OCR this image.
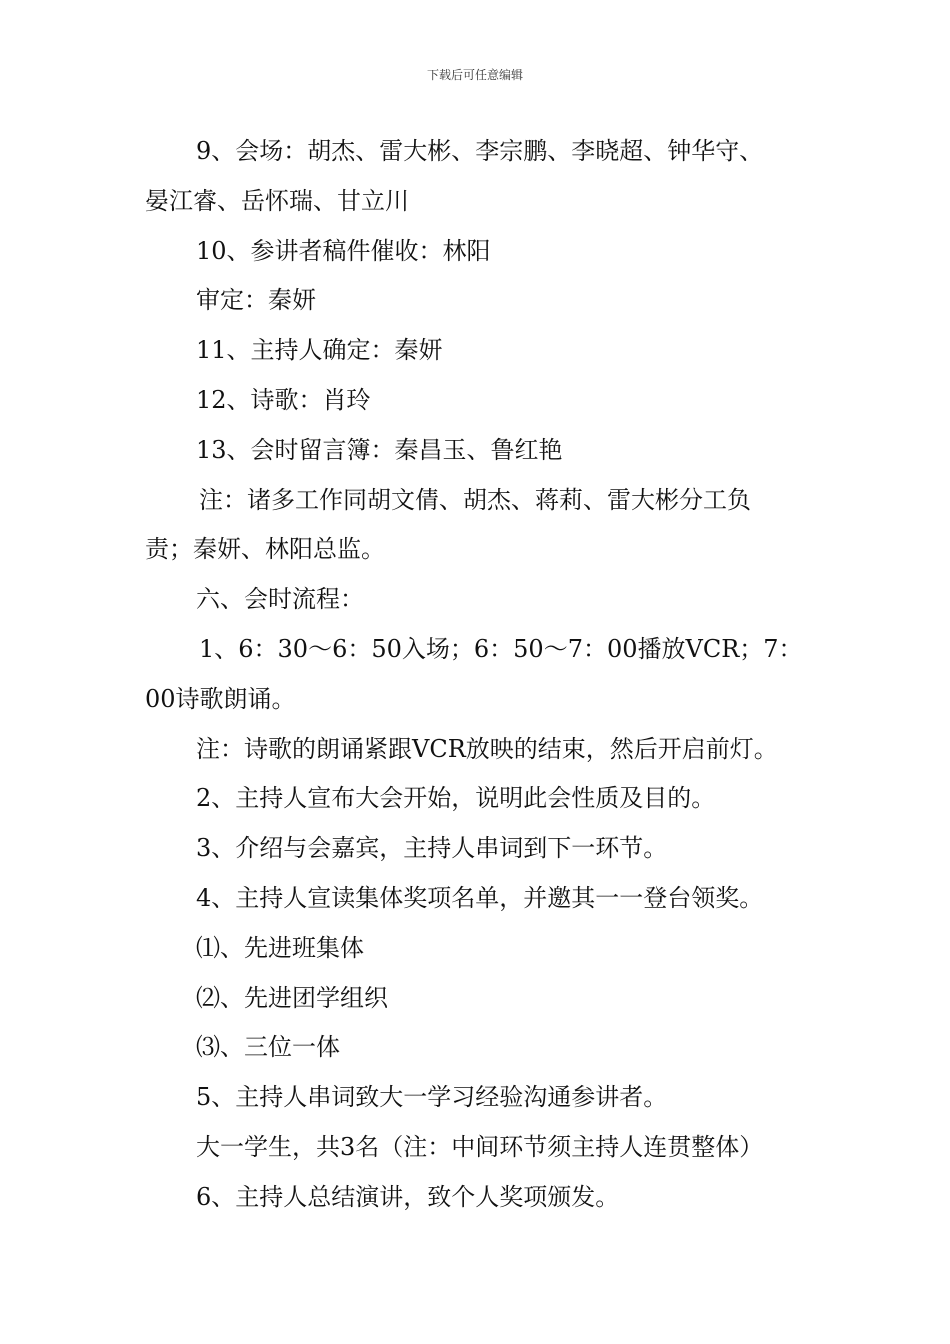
下载后可任意编辑

9、会场：胡杰、雷大彬、李宗鹏、李晓超、钟华守、

晏江睿、岳怀瑞、甘立川

10、参讲者稿件催收：林阳

审定：秦妍

11、主持人确定：秦妍

12、诗歌：肖玲

13、会时留言簿：秦昌玉、鲁红艳

注：诸多工作同胡文倩、胡杰、蒋莉、雷大彬分工负

责；秦妍、林阳总监。

六、会时流程：

1、6：30～6：50入场；6：50～7：00播放VCR；7：

00诗歌朗诵。

注：诗歌的朗诵紧跟VCR放映的结束，然后开启前灯。

2、主持人宣布大会开始，说明此会性质及目的。

3、介绍与会嘉宾，主持人串词到下一环节。

4、主持人宣读集体奖项名单，并邀其一一登台领奖。

⑴、先进班集体

⑵、先进团学组织

⑶、三位一体

5、主持人串词致大一学习经验沟通参讲者。

大一学生，共3名（注：中间环节须主持人连贯整体）

6、主持人总结演讲，致个人奖项颁发。
